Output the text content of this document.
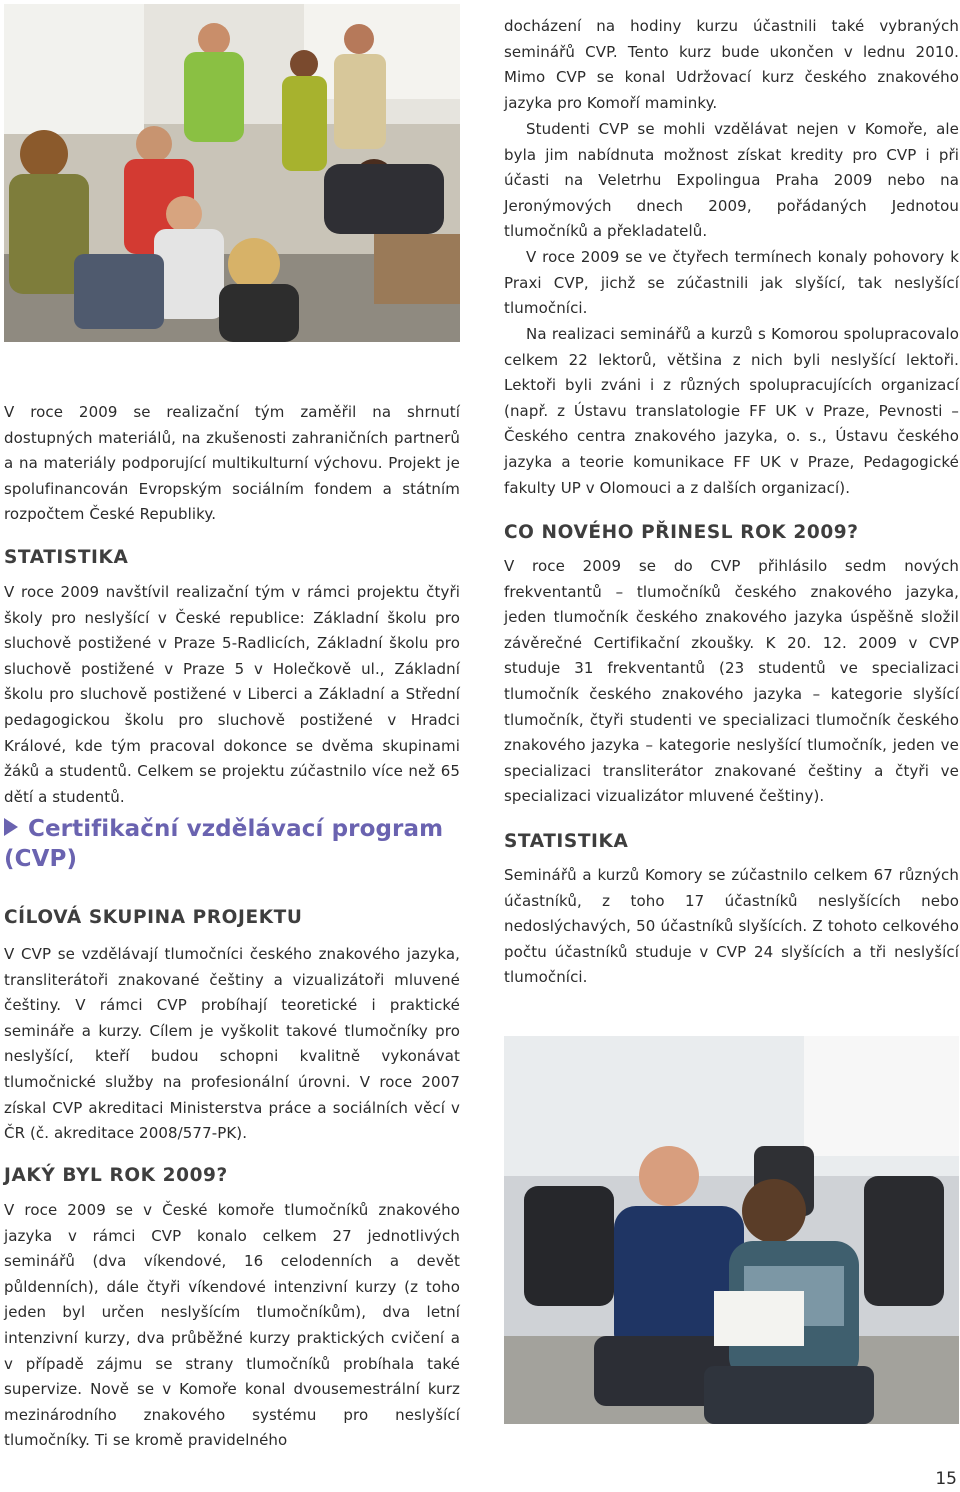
V roce 2009 se realizační tým zaměřil na shrnutí dostupných materiálů, na zkušenosti zahraničních partnerů a na materiály podporující multikulturní výchovu. Projekt je spolufinancován Evropským sociálním fondem a státním rozpočtem České Republiky.

STATISTIKA

V roce 2009 navštívil realizační tým v rámci projektu čtyři školy pro neslyšící v České republice: Základní školu pro sluchově postižené v Praze 5-Radlicích, Základní školu pro sluchově postižené v Praze 5 v Holečkově ul., Základní školu pro sluchově postižené v Liberci a Základní a Střední pedagogickou školu pro sluchově postižené v Hradci Králové, kde tým pracoval dokonce se dvěma skupinami žáků a studentů. Celkem se projektu zúčastnilo více než 65 dětí a studentů.

Certifikační vzdělávací program (CVP)

CÍLOVÁ SKUPINA PROJEKTU

V CVP se vzdělávají tlumočníci českého znakového jazyka, transliterátoři znakované češtiny a vizualizátoři mluvené češtiny. V rámci CVP probíhají teoretické i praktické semináře a kurzy. Cílem je vyškolit takové tlumočníky pro neslyšící, kteří budou schopni kvalitně vykonávat tlumočnické služby na profesionální úrovni. V roce 2007 získal CVP akreditaci Ministerstva práce a sociálních věcí v ČR (č. akreditace 2008/577-PK).

JAKÝ BYL ROK 2009?

V roce 2009 se v České komoře tlumočníků znakového jazyka v rámci CVP konalo celkem 27 jednotlivých seminářů (dva víkendové, 16 celodenních a devět půldenních), dále čtyři víkendové intenzivní kurzy (z toho jeden byl určen neslyšícím tlumočníkům), dva letní intenzivní kurzy, dva průběžné kurzy praktických cvičení a v případě zájmu se strany tlumočníků probíhala také supervize. Nově se v Komoře konal dvousemestrální kurz mezinárodního znakového systému pro neslyšící tlumočníky. Ti se kromě pravidelného

docházení na hodiny kurzu účastnili také vybraných seminářů CVP. Tento kurz bude ukončen v lednu 2010. Mimo CVP se konal Udržovací kurz českého znakového jazyka pro Komoří maminky.

Studenti CVP se mohli vzdělávat nejen v Komoře, ale byla jim nabídnuta možnost získat kredity pro CVP i při účasti na Veletrhu Expolingua Praha 2009 nebo na Jeronýmových dnech 2009, pořádaných Jednotou tlumočníků a překladatelů.

V roce 2009 se ve čtyřech termínech konaly pohovory k Praxi CVP, jichž se zúčastnili jak slyšící, tak neslyšící tlumočníci.

Na realizaci seminářů a kurzů s Komorou spolupracovalo celkem 22 lektorů, většina z nich byli neslyšící lektoři. Lektoři byli zváni i z různých spolupracujících organizací (např. z Ústavu translatologie FF UK v Praze, Pevnosti – Českého centra znakového jazyka, o. s., Ústavu českého jazyka a teorie komunikace FF UK v Praze, Pedagogické fakulty UP v Olomouci a z dalších organizací).

CO NOVÉHO PŘINESL ROK 2009?

V roce 2009 se do CVP přihlásilo sedm nových frekventantů – tlumočníků českého znakového jazyka, jeden tlumočník českého znakového jazyka úspěšně složil závěrečné Certifikační zkoušky. K 20. 12. 2009 v CVP studuje 31 frekventantů (23 studentů ve specializaci tlumočník českého znakového jazyka – kategorie slyšící tlumočník, čtyři studenti ve specializaci tlumočník českého znakového jazyka – kategorie neslyšící tlumočník, jeden ve specializaci transliterátor znakované češtiny a čtyři ve specializaci vizualizátor mluvené češtiny).

STATISTIKA

Seminářů a kurzů Komory se zúčastnilo celkem 67 různých účastníků, z toho 17 účastníků neslyšících nebo nedoslýchavých, 50 účastníků slyšících. Z tohoto celkového počtu účastníků studuje v CVP 24 slyšících a tři neslyšící tlumočníci.

15
